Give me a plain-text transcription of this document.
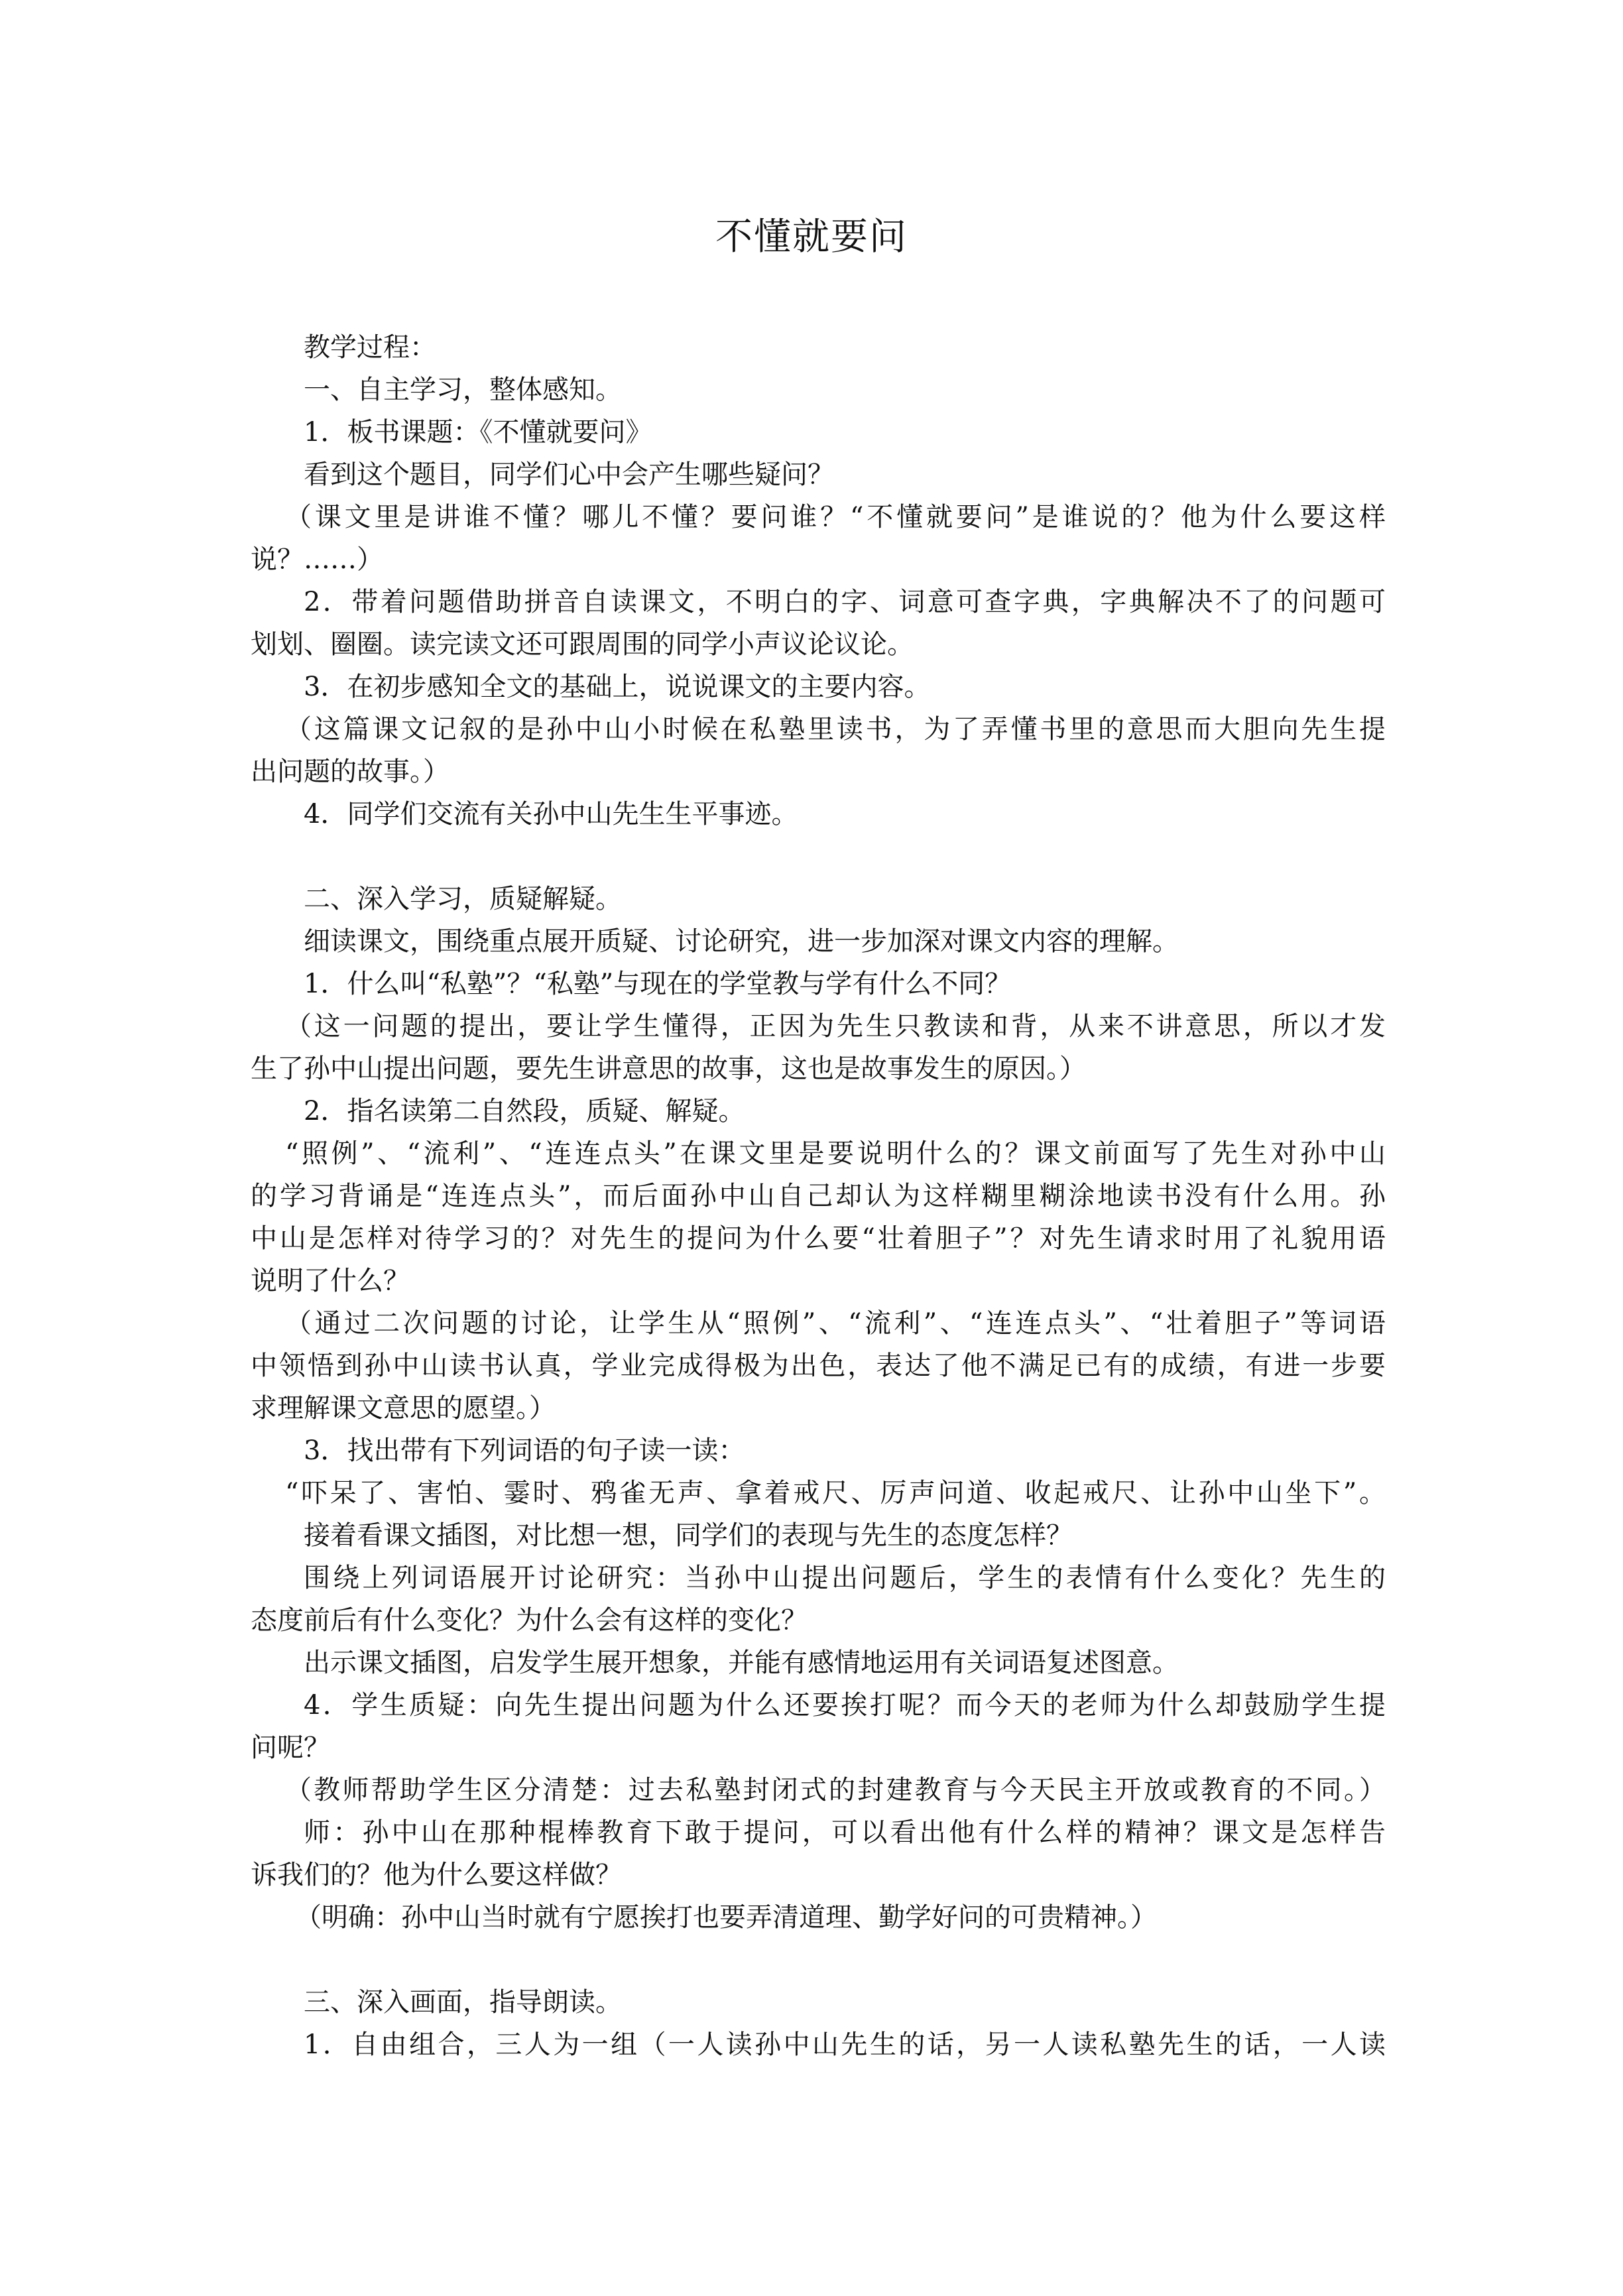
不懂就要问
教学过程：
一、自主学习，整体感知。
1．板书课题：《不懂就要问》
看到这个题目，同学们心中会产生哪些疑问？
（课文里是讲谁不懂？哪儿不懂？要问谁？“不懂就要问”是谁说的？他为什么要这样
说？……）
2．带着问题借助拼音自读课文，不明白的字、词意可查字典，字典解决不了的问题可
划划、圈圈。读完读文还可跟周围的同学小声议论议论。
3．在初步感知全文的基础上，说说课文的主要内容。
（这篇课文记叙的是孙中山小时候在私塾里读书，为了弄懂书里的意思而大胆向先生提
出问题的故事。）
4．同学们交流有关孙中山先生生平事迹。
二、深入学习，质疑解疑。
细读课文，围绕重点展开质疑、讨论研究，进一步加深对课文内容的理解。
1．什么叫“私塾”？“私塾”与现在的学堂教与学有什么不同？
（这一问题的提出，要让学生懂得，正因为先生只教读和背，从来不讲意思，所以才发
生了孙中山提出问题，要先生讲意思的故事，这也是故事发生的原因。）
2．指名读第二自然段，质疑、解疑。
“照例”、“流利”、“连连点头”在课文里是要说明什么的？课文前面写了先生对孙中山
的学习背诵是“连连点头”，而后面孙中山自己却认为这样糊里糊涂地读书没有什么用。孙
中山是怎样对待学习的？对先生的提问为什么要“壮着胆子”？对先生请求时用了礼貌用语
说明了什么？
（通过二次问题的讨论，让学生从“照例”、“流利”、“连连点头”、“壮着胆子”等词语
中领悟到孙中山读书认真，学业完成得极为出色，表达了他不满足已有的成绩，有进一步要
求理解课文意思的愿望。）
3．找出带有下列词语的句子读一读：
“吓呆了、害怕、霎时、鸦雀无声、拿着戒尺、厉声问道、收起戒尺、让孙中山坐下”。
接着看课文插图，对比想一想，同学们的表现与先生的态度怎样？
围绕上列词语展开讨论研究：当孙中山提出问题后，学生的表情有什么变化？先生的
态度前后有什么变化？为什么会有这样的变化？
出示课文插图，启发学生展开想象，并能有感情地运用有关词语复述图意。
4．学生质疑：向先生提出问题为什么还要挨打呢？而今天的老师为什么却鼓励学生提
问呢？
（教师帮助学生区分清楚：过去私塾封闭式的封建教育与今天民主开放或教育的不同。）
师：孙中山在那种棍棒教育下敢于提问，可以看出他有什么样的精神？课文是怎样告
诉我们的？他为什么要这样做？
（明确：孙中山当时就有宁愿挨打也要弄清道理、勤学好问的可贵精神。）
三、深入画面，指导朗读。
1．自由组合，三人为一组（一人读孙中山先生的话，另一人读私塾先生的话，一人读
